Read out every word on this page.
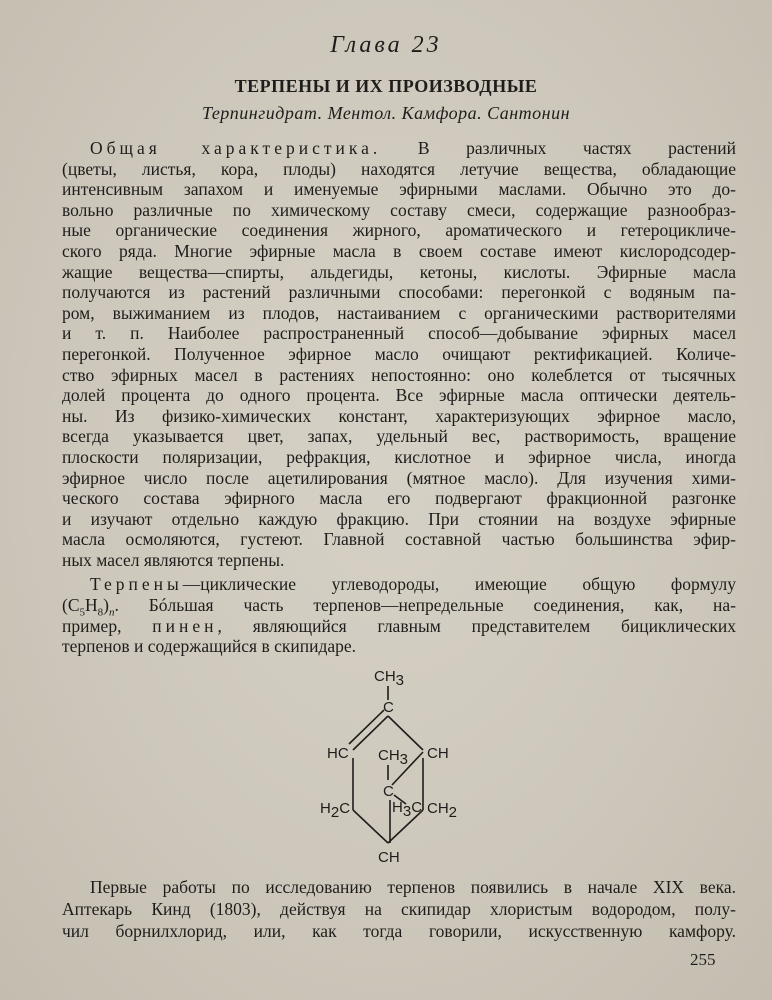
Глава 23
ТЕРПЕНЫ И ИХ ПРОИЗВОДНЫЕ
Терпингидрат. Ментол. Камфора. Сантонин
Общая характеристика. В различных частях растений
(цветы, листья, кора, плоды) находятся летучие вещества, обладающие
интенсивным запахом и именуемые эфирными маслами. Обычно это до-
вольно различные по химическому составу смеси, содержащие разнообраз-
ные органические соединения жирного, ароматического и гетероцикличе-
ского ряда. Многие эфирные масла в своем составе имеют кислородсодер-
жащие вещества—спирты, альдегиды, кетоны, кислоты. Эфирные масла
получаются из растений различными способами: перегонкой с водяным па-
ром, выжиманием из плодов, настаиванием с органическими растворителями
и т. п. Наиболее распространенный способ—добывание эфирных масел
перегонкой. Полученное эфирное масло очищают ректификацией. Количе-
ство эфирных масел в растениях непостоянно: оно колеблется от тысячных
долей процента до одного процента. Все эфирные масла оптически деятель-
ны. Из физико-химических констант, характеризующих эфирное масло,
всегда указывается цвет, запах, удельный вес, растворимость, вращение
плоскости поляризации, рефракция, кислотное и эфирное числа, иногда
эфирное число после ацетилирования (мятное масло). Для изучения хими-
ческого состава эфирного масла его подвергают фракционной разгонке
и изучают отдельно каждую фракцию. При стоянии на воздухе эфирные
масла осмоляются, густеют. Главной составной частью большинства эфир-
ных масел являются терпены.
Терпены—циклические углеводороды, имеющие общую формулу
$(C_5H_8)_n$. Бóльшая часть терпенов—непредельные соединения, как, на-
пример, пинен, являющийся главным представителем бициклических
терпенов и содержащийся в скипидаре.
CH3
C
HC CH3 CH
C
H2C	H3C CH2
CH
Первые работы по исследованию терпенов появились в начале XIX века.
Аптекарь Кинд (1803), действуя на скипидар хлористым водородом, полу-
чил борнилхлорид, или, как тогда говорили, искусственную камфору.
255
